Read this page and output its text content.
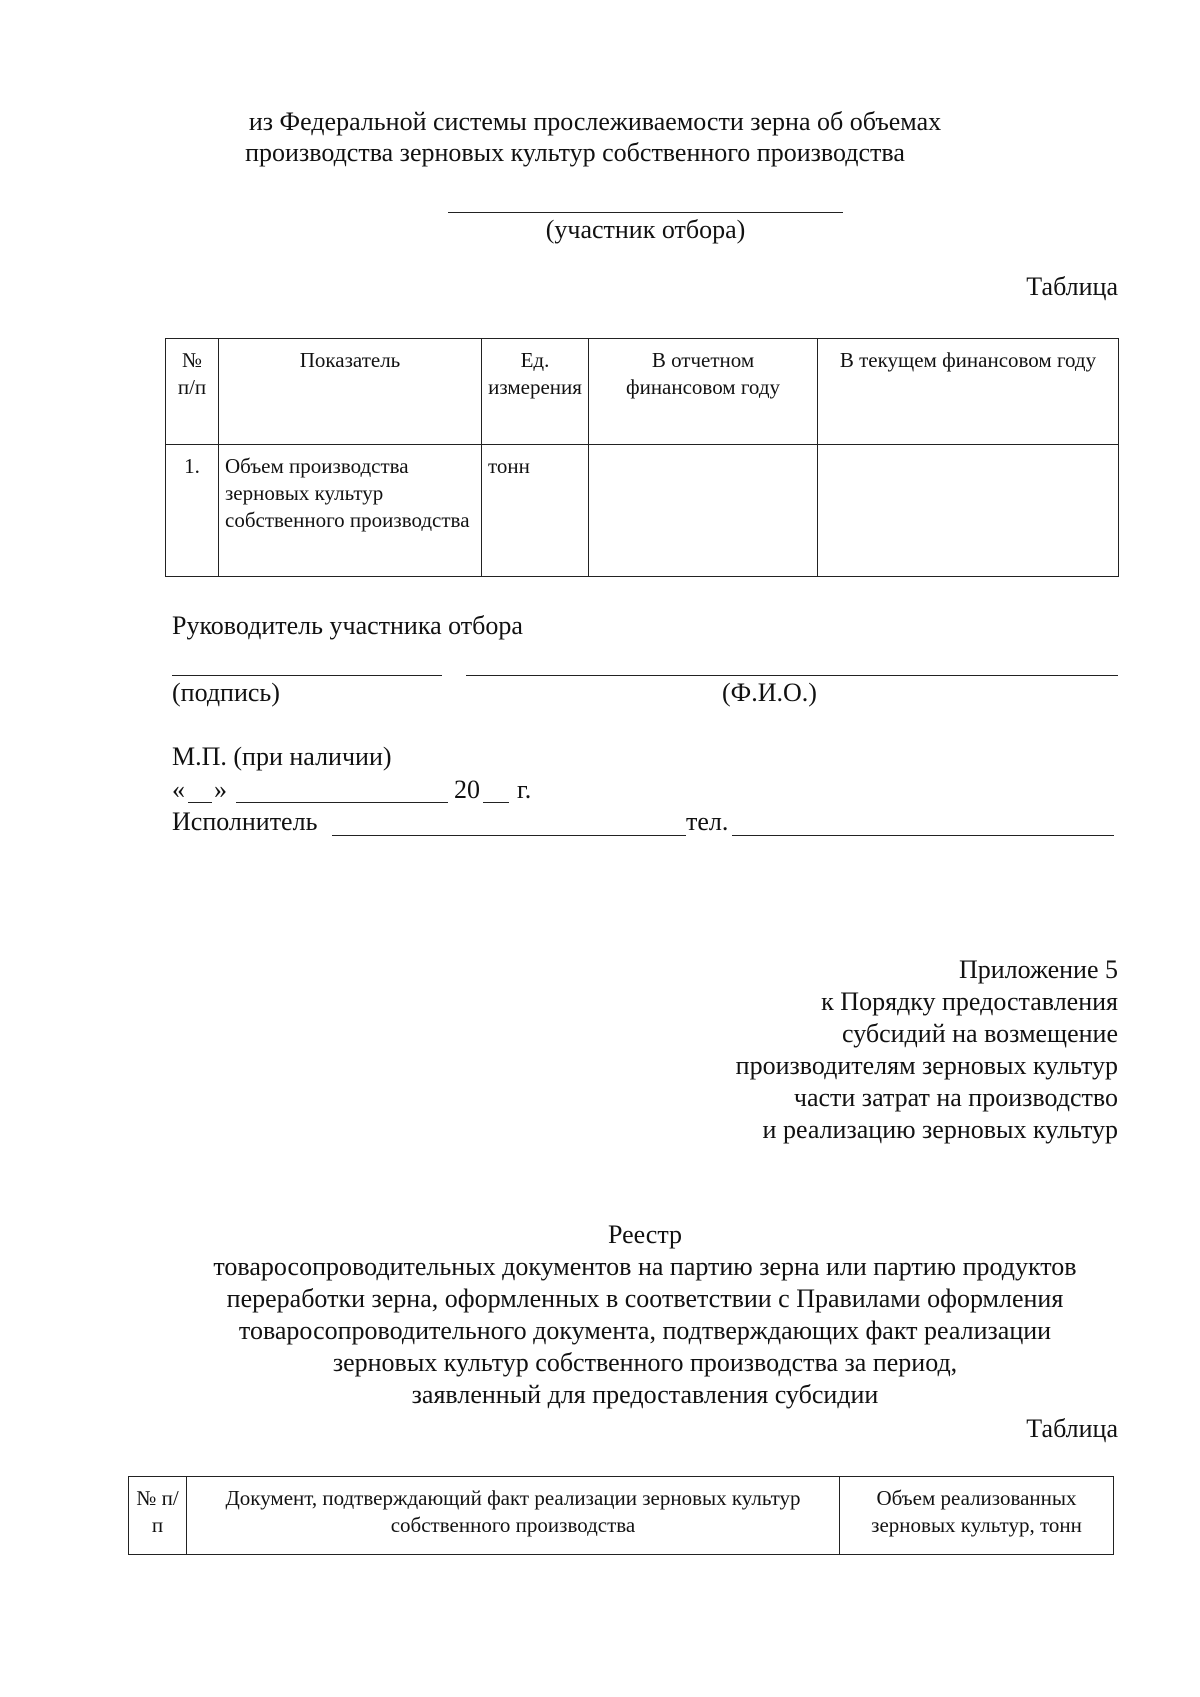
из Федеральной системы прослеживаемости зерна об объемах
производства зерновых культур собственного производства
(участник отбора)
Таблица
№ п/п	Показатель	Ед. измерения	В отчетном финансовом году	В текущем финансовом году
1.	Объем производства зерновых культур собственного производства	тонн		
Руководитель участника отбора
(подпись)	(Ф.И.О.)
М.П. (при наличии)
« »	20 г.
Исполнитель	тел.
Приложение 5
к Порядку предоставления
субсидий на возмещение
производителям зерновых культур
части затрат на производство
и реализацию зерновых культур
Реестр
товаросопроводительных документов на партию зерна или партию продуктов
переработки зерна, оформленных в соответствии с Правилами оформления
товаросопроводительного документа, подтверждающих факт реализации
зерновых культур собственного производства за период,
заявленный для предоставления субсидии
Таблица
№ п/п	Документ, подтверждающий факт реализации зерновых культур собственного производства	Объем реализованных зерновых культур, тонн
